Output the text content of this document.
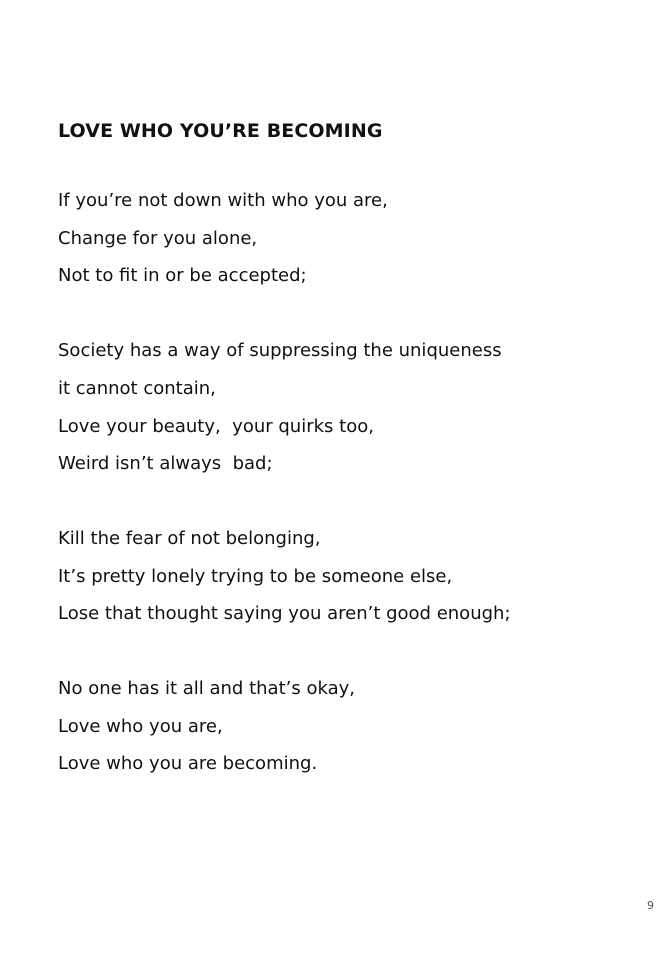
LOVE WHO YOU’RE BECOMING
If you’re not down with who you are,
Change for you alone,
Not to fit in or be accepted;
Society has a way of suppressing the uniqueness
it cannot contain,
Love your beauty,  your quirks too,
Weird isn’t always  bad;
Kill the fear of not belonging,
It’s pretty lonely trying to be someone else,
Lose that thought saying you aren’t good enough;
No one has it all and that’s okay,
Love who you are,
Love who you are becoming.
9
